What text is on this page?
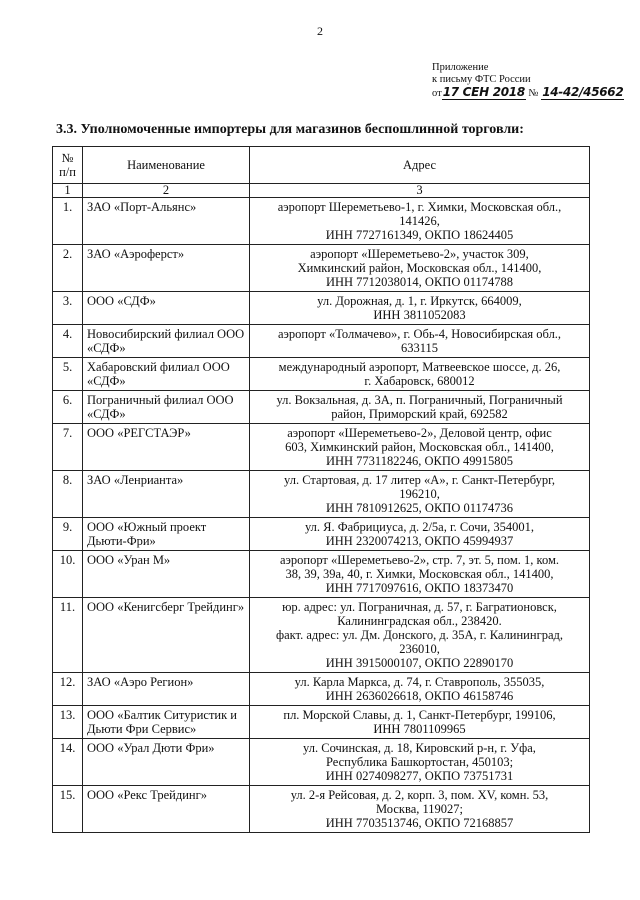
2
Приложение
к письму ФТС России
от17 СЕН 2018 № 14-42/45662
3.3. Уполномоченные импортеры для магазинов беспошлинной торговли:
№ п/п	Наименование	Адрес
1	2	3
1.	ЗАО «Порт-Альянс»	аэропорт Шереметьево-1, г. Химки, Московская обл.,
141426,
ИНН 7727161349, ОКПО 18624405

2.	ЗАО «Аэроферст»	аэропорт «Шереметьево-2», участок 309,
Химкинский район, Московская обл., 141400,
ИНН 7712038014, ОКПО 01174788

3.	ООО «СДФ»	ул. Дорожная, д. 1, г. Иркутск, 664009,
ИНН 3811052083

4.	Новосибирский филиал ООО «СДФ»	аэропорт «Толмачево», г. Обь-4, Новосибирская обл.,
633115

5.	Хабаровский филиал ООО «СДФ»	международный аэропорт, Матвеевское шоссе, д. 26,
г. Хабаровск, 680012

6.	Пограничный филиал ООО «СДФ»	ул. Вокзальная, д. 3А, п. Пограничный, Пограничный
район, Приморский край, 692582

7.	ООО «РЕГСТАЭР»	аэропорт «Шереметьево-2», Деловой центр, офис
603, Химкинский район, Московская обл., 141400,
ИНН 7731182246, ОКПО 49915805

8.	ЗАО «Ленрианта»	ул. Стартовая, д. 17 литер «А», г. Санкт-Петербург,
196210,
ИНН 7810912625, ОКПО 01174736

9.	ООО «Южный проект Дьюти-Фри»	ул. Я. Фабрициуса, д. 2/5а, г. Сочи, 354001,
ИНН 2320074213, ОКПО 45994937

10.	ООО «Уран М»	аэропорт «Шереметьево-2», стр. 7, эт. 5, пом. 1, ком.
38, 39, 39а, 40, г. Химки, Московская обл., 141400,
ИНН 7717097616, ОКПО 18373470

11.	ООО «Кенигсберг Трейдинг»	юр. адрес: ул. Пограничная, д. 57, г. Багратионовск,
Калининградская обл., 238420.
факт. адрес: ул. Дм. Донского, д. 35А, г. Калининград,
236010,
ИНН 3915000107, ОКПО 22890170

12.	ЗАО «Аэро Регион»	ул. Карла Маркса, д. 74, г. Ставрополь, 355035,
ИНН 2636026618, ОКПО 46158746

13.	ООО «Балтик Ситуристик и Дьюти Фри Сервис»	пл. Морской Славы, д. 1, Санкт-Петербург, 199106,
ИНН 7801109965

14.	ООО «Урал Дюти Фри»	ул. Сочинская, д. 18, Кировский р-н, г. Уфа,
Республика Башкортостан, 450103;
ИНН 0274098277, ОКПО 73751731

15.	ООО «Рекс Трейдинг»	ул. 2-я Рейсовая, д. 2, корп. 3, пом. XV, комн. 53,
Москва, 119027;
ИНН 7703513746, ОКПО 72168857
